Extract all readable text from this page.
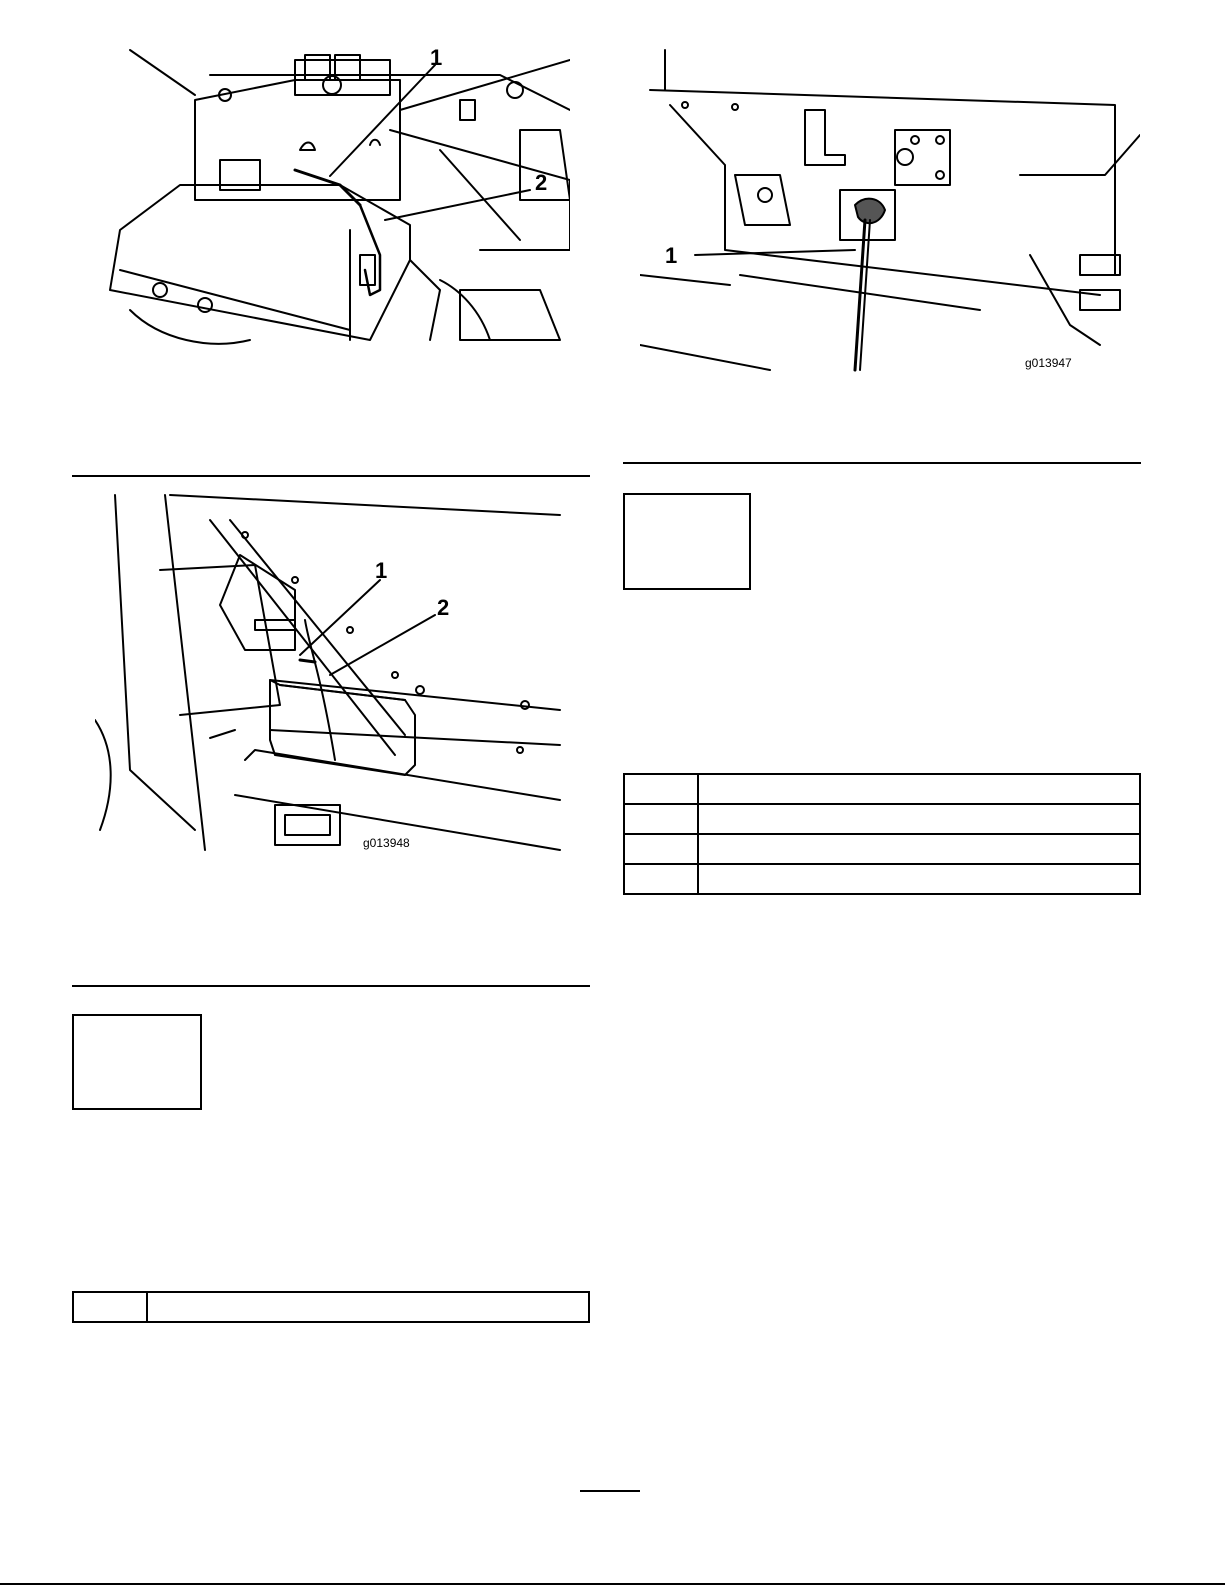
1
2
1
g013947
1
2
g013948
